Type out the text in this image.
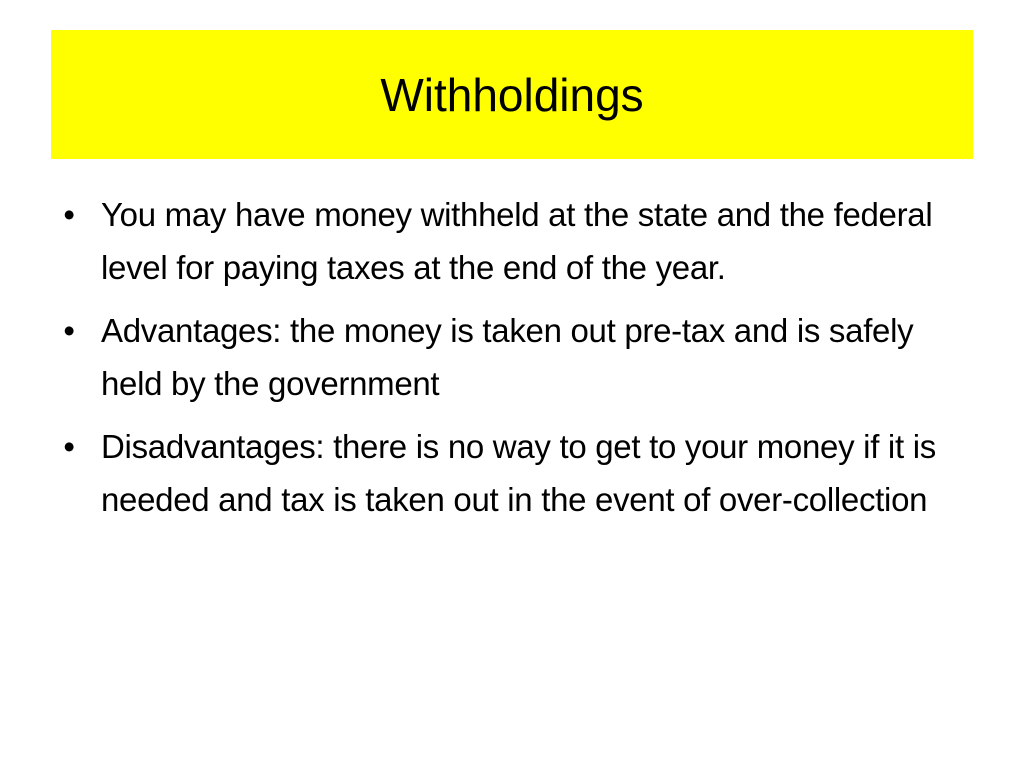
Withholdings
• You may have money withheld at the state and the federal level for paying taxes at the end of the year.
• Advantages: the money is taken out pre-tax and is safely held by the government
• Disadvantages: there is no way to get to your money if it is needed and tax is taken out in the event of over-collection
